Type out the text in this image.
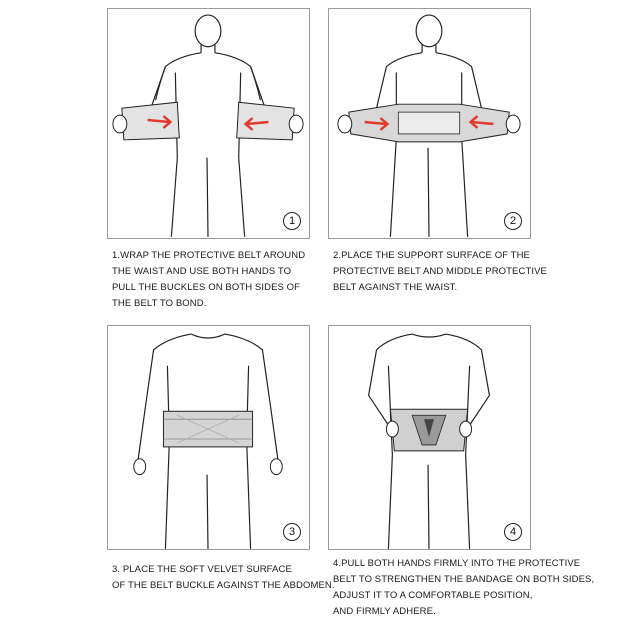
1	2
3	4
1.WRAP THE PROTECTIVE BELT AROUND
THE WAIST AND USE BOTH HANDS TO
PULL THE BUCKLES ON BOTH SIDES OF
THE BELT TO BOND.
2.PLACE THE SUPPORT SURFACE OF THE
PROTECTIVE BELT AND MIDDLE PROTECTIVE
BELT AGAINST THE WAIST.
3. PLACE THE SOFT VELVET SURFACE
OF THE BELT BUCKLE AGAINST THE ABDOMEN.
4.PULL BOTH HANDS FIRMLY INTO THE PROTECTIVE
BELT TO STRENGTHEN THE BANDAGE ON BOTH SIDES,
ADJUST IT TO A COMFORTABLE POSITION,
AND FIRMLY ADHERE.
